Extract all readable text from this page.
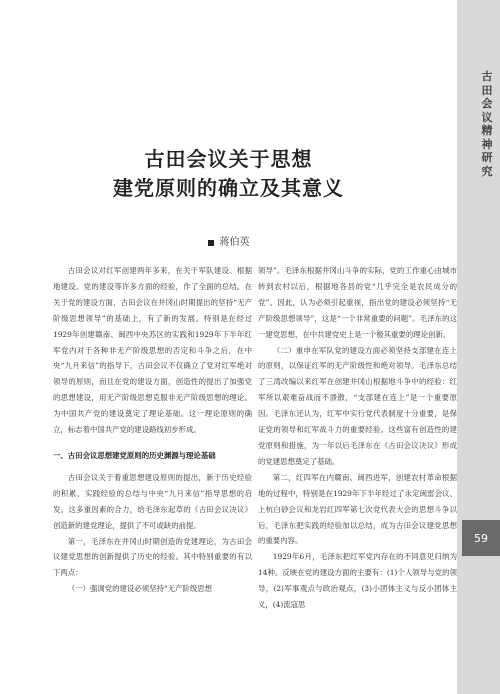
古田会议精神研究
59
古田会议关于思想
建党原则的确立及其意义
蒋伯英

古田会议对红军创建两年多来，在关于军队建设、根据地建设、党的建设等许多方面的经验，作了全面的总结。在关于党的建设方面，古田会议在井冈山时期提出的坚持“无产阶级思想领导”的基础上，有了新的发展。特别是在经过1929年创建赣南、闽西中央苏区的实践和1929年下半年红军党内对于各种非无产阶级思想的否定和斗争之后，在中央“九月来信”的指导下，古田会议不仅确立了党对红军绝对领导的原则，而且在党的建设方面，创造性的提出了加强党的思想建设，用无产阶级思想克服非无产阶级思想的理论。为中国共产党的建设奠定了理论基础。这一理论原则的确立，标志着中国共产党的建设路线初步形成。

一、古田会议思想建党原则的历史渊源与理论基础

古田会议关于着重思想建设原则的提出，新于历史经验的积累、实践经验的总结与中央“九月来信”指导思想的启发。这多重因素的合力，给毛泽东起草的《古田会议决议》创造新的建党理论，提供了不可或缺的前提。

第一，毛泽东在井冈山时期创造的党建理论，为古田会议建党思想的创新提供了历史的经验。其中特别重要的有以下两点：

（一）强调党的建设必须坚持“无产阶级思想

领导”。毛泽东根据井冈山斗争的实际，党的工作重心由城市转到农村以后，根据地各县的党“几乎完全是农民成分的党”。因此，认为必须引起重视，指出党的建设必须坚持“无产阶级思想领导”，这是“一个非常重要的问题”。毛泽东的这一建党思想，在中共建党史上是一个极其重要的理论创新。

（二）重申在军队党的建设方面必须坚持支部建在连上的原则，以保证红军的无产阶级性和绝对领导。毛泽东总结了三湾改编以来红军在创建井冈山根据地斗争中的经验：红军所以艰难奋战而不溃散，“支部建在连上”是一个重要原因。毛泽东还认为，红军中实行党代表制度十分重要，是保证党的领导和红军战斗力的重要经验。这些富有创造性的建党原则和措施，为一年以后毛泽东在《古田会议决议》形成的党建思想奠定了基础。

第二，红四军在内赣南、闽西进军，创建农村革命根据地的过程中，特别是在1929年下半年经过了永定闽雷会议、上杭白砂会议和龙岩红四军第七次党代表大会的思想斗争以后，毛泽东把实践的经验加以总结，成为古田会议建党思想的重要内容。

1929年6月，毛泽东把红军党内存在的不同意见归纳为14种。反映在党的建设方面的主要有：(1)个人领导与党的领导，(2)军事观点与政治观点，(3)小团体主义与反小团体主义，(4)流寇思
